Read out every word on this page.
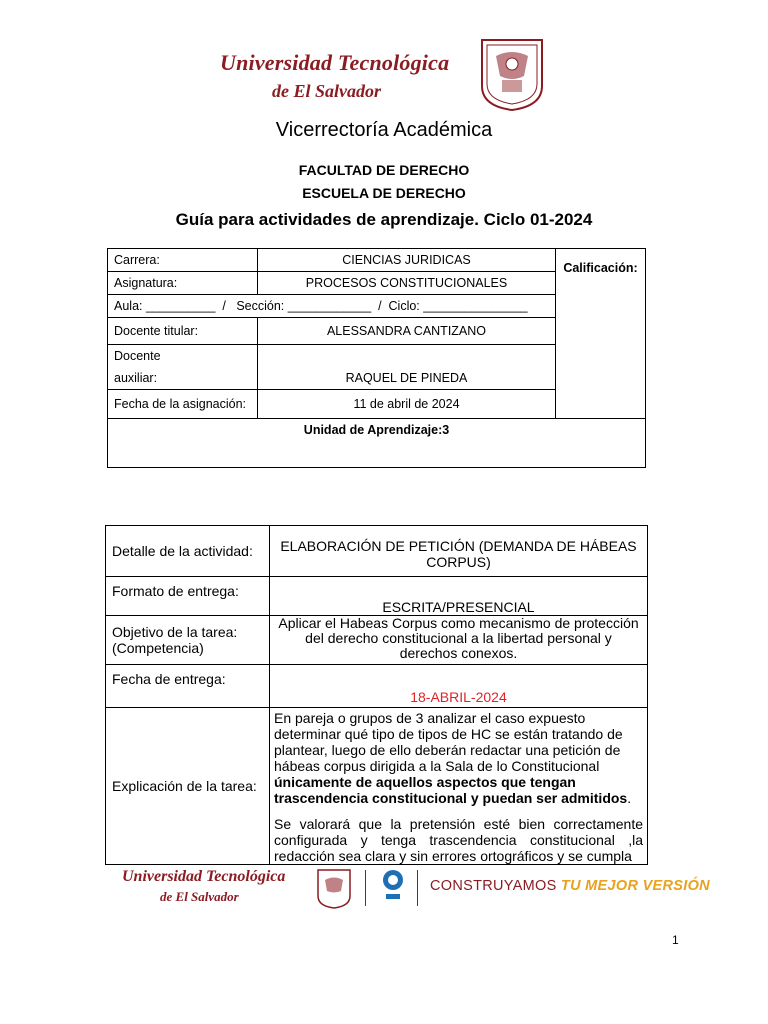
Universidad Tecnológica
de El Salvador
Vicerrectoría Académica
FACULTAD DE DERECHO
ESCUELA DE DERECHO
Guía para actividades de aprendizaje. Ciclo 01-2024
Carrera:	CIENCIAS JURIDICAS	Calificación:
Asignatura:	PROCESOS CONSTITUCIONALES	
Aula: __________  /   Sección: ____________  /  Ciclo: _______________		
Docente titular:	ALESSANDRA CANTIZANO	

Docente
auxiliar:	RAQUEL DE PINEDA	
Fecha de la asignación:	11 de abril de 2024	
Unidad de Aprendizaje:3		
Detalle de la actividad:	ELABORACIÓN DE PETICIÓN (DEMANDA DE HÁBEAS CORPUS)
Formato de entrega:	ESCRITA/PRESENCIAL
Objetivo de la tarea: (Competencia)	Aplicar el Habeas Corpus como mecanismo de protección del derecho constitucional a la libertad personal y derechos conexos.
Fecha de entrega:	18-ABRIL-2024
Explicación de la tarea:	En pareja o grupos de 3 analizar el caso expuesto determinar qué tipo de tipos de HC se están tratando de plantear, luego de ello deberán redactar una petición de hábeas corpus dirigida a la Sala de lo Constitucional únicamente de aquellos aspectos que tengan trascendencia constitucional y puedan ser admitidos.

Se valorará que la pretensión esté bien correctamente configurada y tenga trascendencia constitucional ,la redacción sea clara y sin errores ortográficos y se cumpla

Universidad Tecnológica
de El Salvador
CONSTRUYAMOS TU MEJOR VERSIÓN
1
